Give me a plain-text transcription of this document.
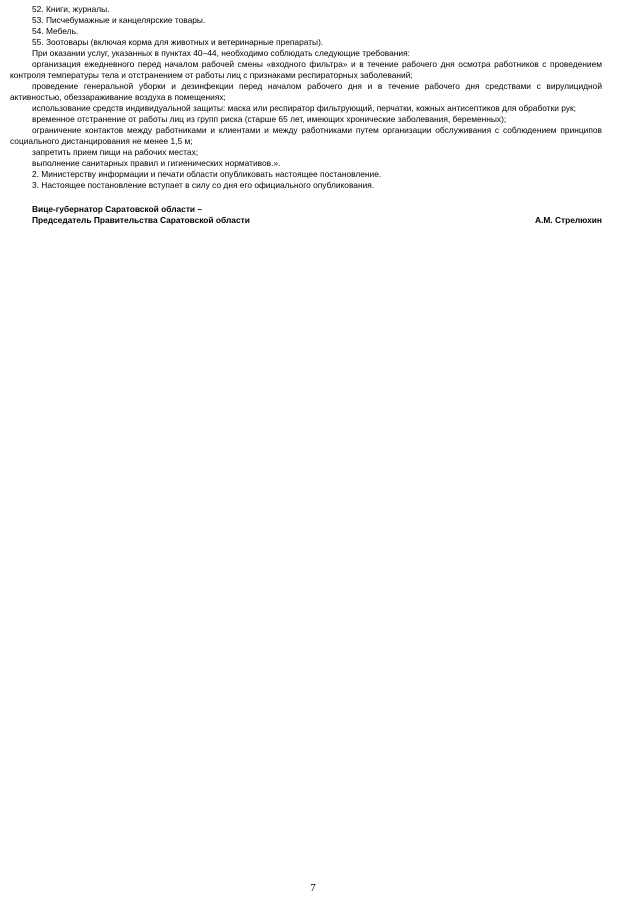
52. Книги, журналы.

53. Писчебумажные и канцелярские товары.

54. Мебель.

55. Зоотовары (включая корма для животных и ветеринарные препараты).

При оказании услуг, указанных в пунктах 40–44, необходимо соблюдать следующие требования:

организация ежедневного перед началом рабочей смены «входного фильтра» и в течение рабочего дня осмотра работников с проведением контроля температуры тела и отстранением от работы лиц с признаками респираторных заболеваний;

проведение генеральной уборки и дезинфекции перед началом рабочего дня и в течение рабочего дня средствами с вирулицидной активностью, обеззараживание воздуха в помещениях;

использование средств индивидуальной защиты: маска или респиратор фильтрующий, перчатки, кожных антисептиков для обработки рук;

временное отстранение от работы лиц из групп риска (старше 65 лет, имеющих хронические заболевания, беременных);

ограничение контактов между работниками и клиентами и между работниками путем организации обслуживания с соблюдением принципов социального дистанцирования не менее 1,5 м;

запретить прием пищи на рабочих местах;

выполнение санитарных правил и гигиенических нормативов.».

2. Министерству информации и печати области опубликовать настоящее постановление.

3. Настоящее постановление вступает в силу со дня его официального опубликования.

Вице-губернатор Саратовской области –
Председатель Правительства Саратовской области	А.М. Стрелюхин
7
